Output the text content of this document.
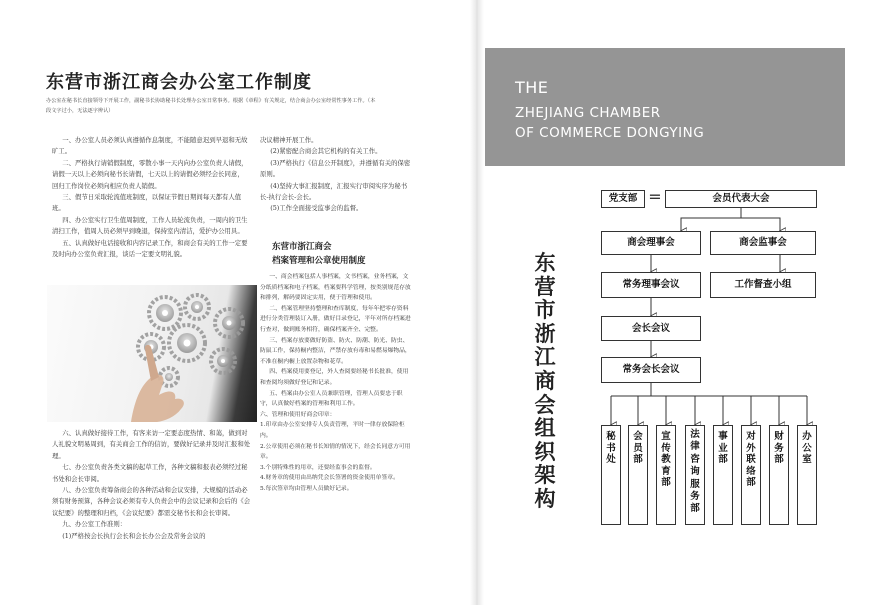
东营市浙江商会办公室工作制度
办公室在秘书长直接领导下开展工作，副秘书长协助秘书长处理办公室日常事务。根据《章程》有关规定，结合商会办公室经常性事务工作。（本段文字过小，无法逐字辨认）

一、办公室人员必须认真遵循作息制度，不能随意迟到早退和无故旷工。

二、严格执行请销假制度，零散小事一天内向办公室负责人请假，请假一天以上必须向秘书长请假，七天以上的请假必须经会长同意，回归工作岗位必须向相应负责人销假。

三、假节日采取轮流值班制度，以保证节假日期间每天都有人值班。

四、办公室实行卫生值周制度，工作人员轮流负责，一周内的卫生清扫工作，值周人员必须早到晚退，保持室内清洁，爱护办公用具。

五、认真做好电话接收和内容记录工作，和商会有关的工作一定要及时向办公室负责汇报，谈话一定要文明礼貌。

六、认真做好接待工作，有客来访一定要态度热情、和蔼，做到对人礼貌文明易周到，有关商会工作的信访，要做好记录并及时汇报和处理。

七、办公室负责各类文稿的起草工作，各种文稿和报表必须经过秘书处和会长审阅。

八、办公室负责筹备商会的各种活动和会议安排，大规模的活动必须有财务预算，各种会议必须有专人负责会中的会议记录和会后的《会议纪要》的整理和归档，《会议纪要》都需交秘书长和会长审阅。

九、办公室工作准则：

(1)严格按会长执行会长和会长办公会及常务会议的

决议精神开展工作。

(2)紧密配合商会其它机构的有关工作。

(3)严格执行《信息公开制度》，并遵循有关的保密原则。

(4)坚持大事汇报制度，汇报实行审阅实序为秘书长-执行会长-会长。

(5)工作全面接受监事会的监督。

东营市浙江商会
档案管理和公章使用制度

一、商会档案包括人事档案，文书档案，业务档案，文分纸质档案和电子档案，档案要科学管理，按类别规范存放和排列，解码要固定实用，便于管理和使用。

二、档案管理坚持整理和查库制度，每年年把零存资料进行分类管理装订入册，做好目录登记，平年对所存档案进行查对，做到账务相符，确保档案齐全、完整。

三、档案存放要做好防盗、防火、防潮、防光、防虫、防鼠工作，保持橱内整洁，严禁存放有毒和易燃易爆物品，不准在橱内橱上放置杂物和花草。

四、档案使用要登记，外人查阅要经秘书长批准，使用和查阅均须做好登记和记录。

五、档案由办公室人员兼职管理，管理人员要忠于职守，认真做好档案的管理和利用工作。

六、管理和使用好商会印章：

1.印章由办公室安排专人负责管理，平时一律存放保险柜内。

2.公章使用必须在秘书长知情的情况下，经会长同意方可用章。

3.个别特殊性的用章，还要经监事会的监督。

4.财务章的使用由出纳凭会长签署的资金使用单签章。

5.每次签章均由管理人员做好记录。

THE
ZHEJIANG CHAMBER
OF COMMERCE DONGYING
东
营
市
浙
江
商
会
组
织
架
构
党支部 =	会员代表大会
商会理事会	商会监事会
常务理事会议	工作督查小组
会长会议
常务会长会议
秘
书
处
会
员
部
宣
传
教
育
部
法
律
咨
询
服
务
部
事
业
部
对
外
联
络
部
财
务
部
办
公
室
